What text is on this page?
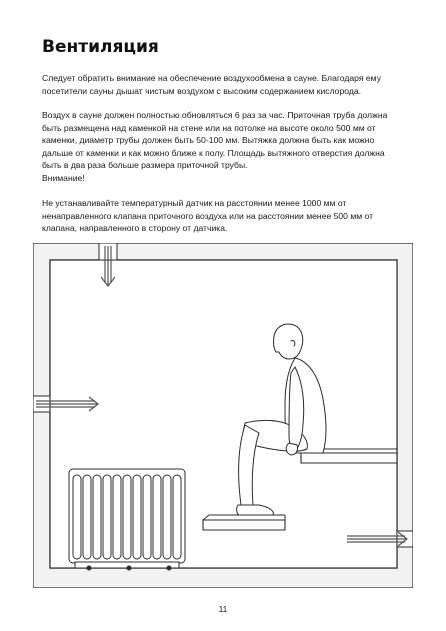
Вентиляция

Следует обратить внимание на обеспечение воздухообмена в сауне. Благодаря ему посетители сауны дышат чистым воздухом с высоким содержанием кислорода.

Воздух в сауне должен полностью обновляться 6 раз за час. Приточная труба должна быть размещена над каменкой на стене или на потолке на высоте около 500 мм от каменки, диаметр трубы должен быть 50-100 мм. Вытяжка должна быть как можно дальше от каменки и как можно ближе к полу. Площадь вытяжного отверстия должна быть в два раза больше размера приточной трубы.

Внимание!

Не устанавливайте температурный датчик на расстоянии менее 1000 мм от ненаправленного клапана приточного воздуха или на расстоянии менее 500 мм от клапана, направленного в сторону от датчика.

11
